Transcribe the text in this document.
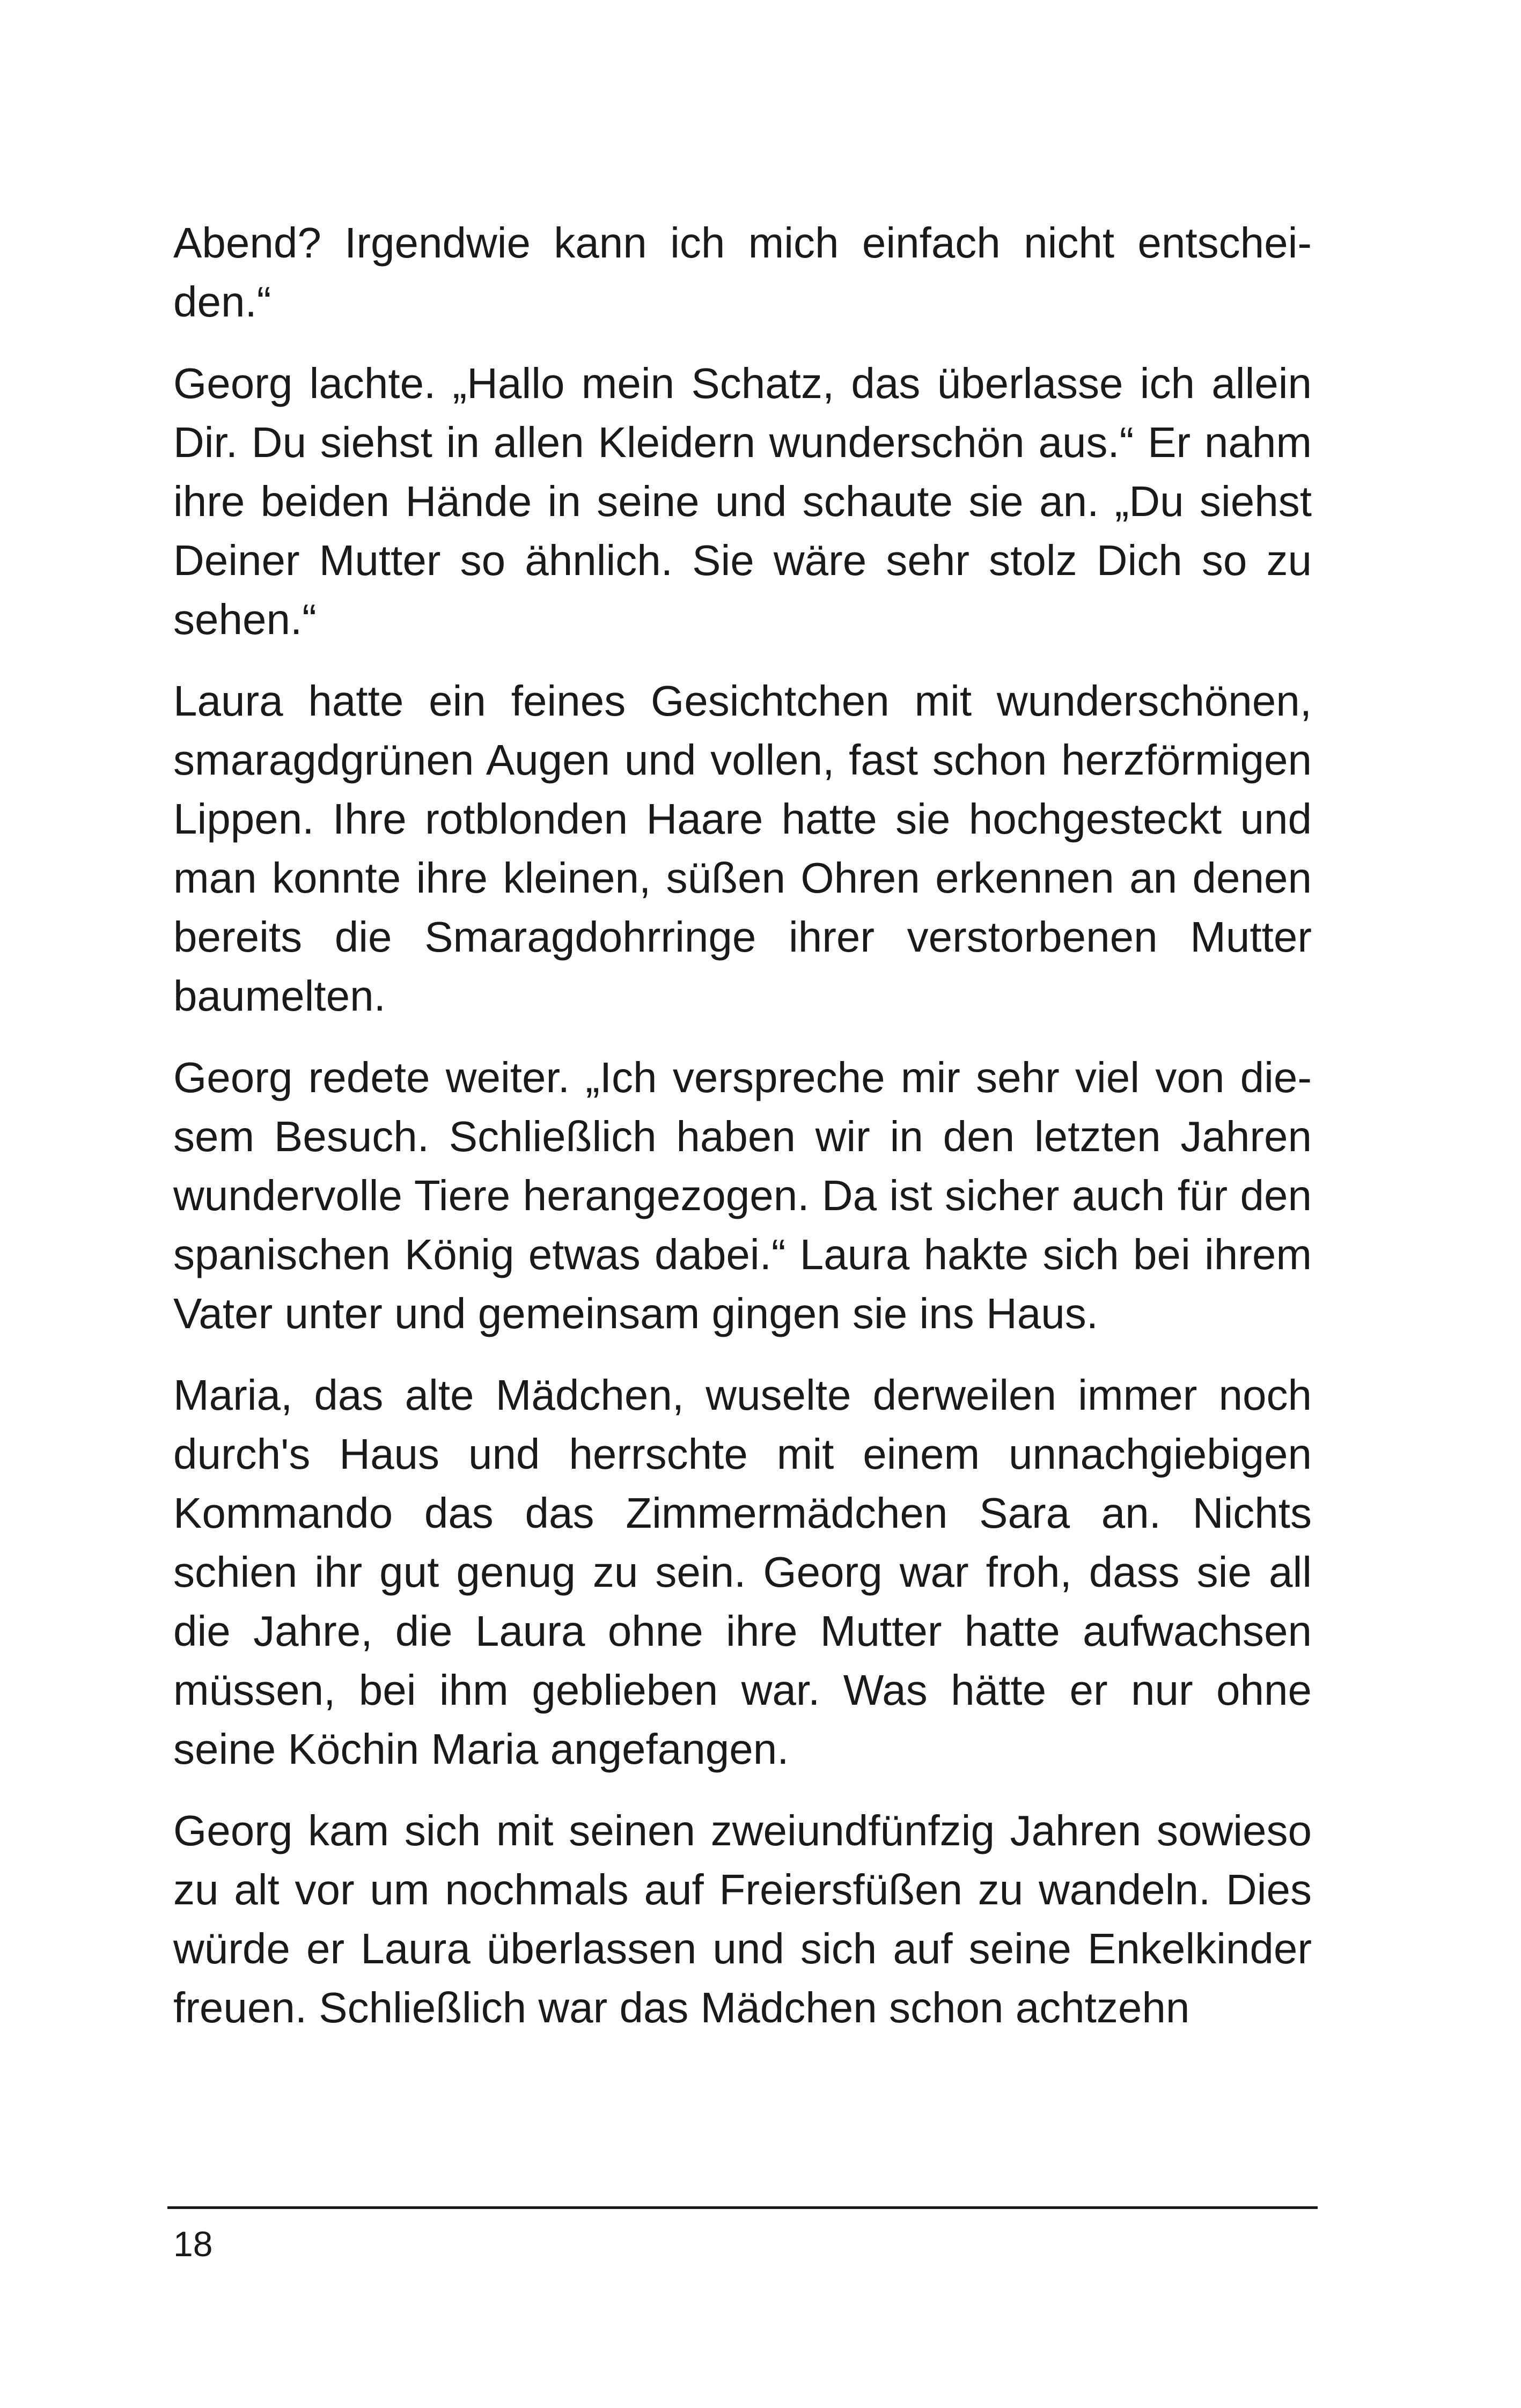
Abend? Irgendwie kann ich mich einfach nicht entscheiden.“

Georg lachte. „Hallo mein Schatz, das überlasse ich allein Dir. Du siehst in allen Kleidern wunderschön aus.“ Er nahm ihre beiden Hände in seine und schaute sie an. „Du siehst Deiner Mutter so ähnlich. Sie wäre sehr stolz Dich so zu sehen.“

Laura hatte ein feines Gesichtchen mit wunderschönen, smaragdgrünen Augen und vollen, fast schon herzförmigen Lippen. Ihre rotblonden Haare hatte sie hochgesteckt und man konnte ihre kleinen, süßen Ohren erkennen an denen bereits die Smaragdohrringe ihrer verstorbenen Mutter baumelten.

Georg redete weiter. „Ich verspreche mir sehr viel von diesem Besuch. Schließlich haben wir in den letzten Jahren wundervolle Tiere herangezogen. Da ist sicher auch für den spanischen König etwas dabei.“ Laura hakte sich bei ihrem Vater unter und gemeinsam gingen sie ins Haus.

Maria, das alte Mädchen, wuselte derweilen immer noch durch's Haus und herrschte mit einem unnachgiebigen Kommando das das Zimmermädchen Sara an. Nichts schien ihr gut genug zu sein. Georg war froh, dass sie all die Jahre, die Laura ohne ihre Mutter hatte aufwachsen müssen, bei ihm geblieben war. Was hätte er nur ohne seine Köchin Maria angefangen.

Georg kam sich mit seinen zweiundfünfzig Jahren sowieso zu alt vor um nochmals auf Freiersfüßen zu wandeln. Dies würde er Laura überlassen und sich auf seine Enkelkinder freuen. Schließlich war das Mädchen schon achtzehn

18
